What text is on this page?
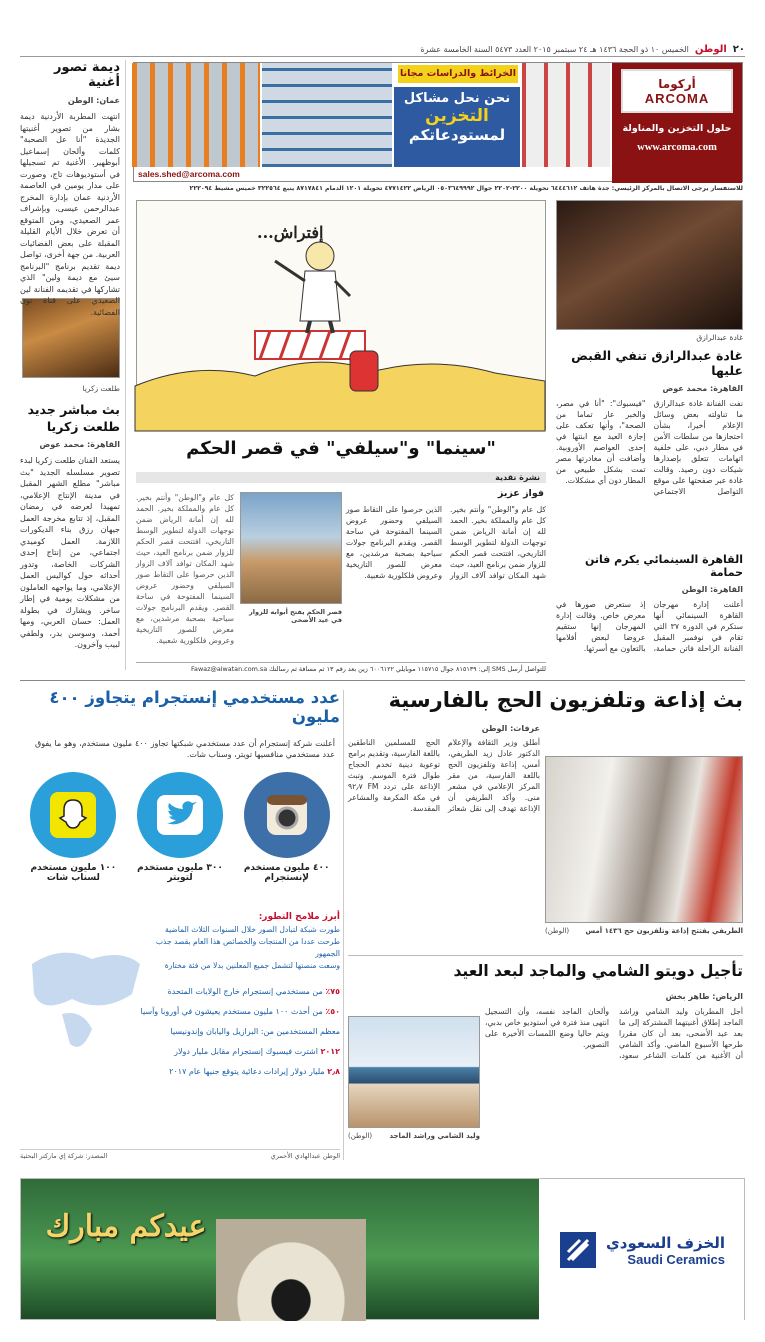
٢٠
الوطن
الخميس ١٠ ذو الحجة ١٤٣٦ هـ ٢٤ سبتمبر ٢٠١٥ العدد ٥٤٧٣ السنة الخامسة عشرة
أركوما
ARCOMA
حلول التخزين والمناولة
www.arcoma.com
الخرائط والدراسات مجانا
نحن نحل مشاكل
التخزين
لمستودعاتكم
sales.shed@arcoma.com
للاستفسار يرجى الاتصال بالمركز الرئيسي: جدة هاتف ٦٤٤٤٦١٢ تحويلة ٢٢٠٠-٢٢٠٢ جوال ٠٥٠٣٦٤٩٩٩٢ الرياض ٤٧٧١٤٢٢ تحويلة ١٢٠١ الدمام ٨٧١٧٨٤١ ينبع ٣٢٢٥٦٤ خميس مشيط ٢٢٢٠٩٤
ديمة تصور أغنية
عمان: الوطن
انتهت المطربة الأردنية ديمة بشار من تصوير أغنيتها الجديدة "أنا عل الصحبة" كلمات وألحان إسماعيل أبوظهير. الأغنية تم تسجيلها في أستوديوهات تاج، وصورت على مدار يومين في العاصمة الأردنية عمان بإدارة المخرج عبدالرحمن عيسى، وبإشراف عمر الصعيدي، ومن المتوقع أن تعرض خلال الأيام القليلة المقبلة على بعض الفضائيات العربية. من جهة أخرى، تواصل ديمة تقديم برنامج "البرنامج سيئ مع ديمة ولين" الذي تشاركها في تقديمه الفنانة لين الصعيدي على قناة نون الفضائية.
طلعت زكريا
بث مباشر جديد طلعت زكريا
القاهرة: محمد عوض
يستعد الفنان طلعت زكريا لبدء تصوير مسلسله الجديد "بث مباشر" مطلع الشهر المقبل في مدينة الإنتاج الإعلامي، تمهيدا لعرضه في رمضان المقبل، إذ تتابع مخرجة العمل جيهان رزق بناء الديكورات اللازمة. العمل كوميدي اجتماعي، من إنتاج إحدى الشركات الخاصة، وتدور أحداثه حول كواليس العمل الإعلامي، وما يواجهه العاملون من مشكلات يومية في إطار ساخر. ويشارك في بطولة العمل: حسان العربي، ومها أحمد، وسوسن بدر، ولطفي لبيب وآخرون.
إفتراش...
غادة عبدالرازق
غادة عبدالرازق تنفي القبض عليها
القاهرة: محمد عوض
نفت الفنانة غادة عبدالرازق ما تناولته بعض وسائل الإعلام أخيرا، بشأن احتجازها من سلطات الأمن في مطار دبي، على خلفية اتهامات تتعلق بإصدارها شيكات دون رصيد. وقالت غادة عبر صفحتها على موقع التواصل الاجتماعي "فيسبوك": "أنا في مصر، والخبر عار تماما من الصحة"، وأنها تعكف على إجازة العيد مع ابنتها في إحدى العواصم الأوروبية. وأضافت أن مغادرتها مصر تمت بشكل طبيعي من المطار دون أي مشكلات.
القاهرة السينمائي يكرم فاتن حمامة
القاهرة: الوطن
أعلنت إدارة مهرجان القاهرة السينمائي أنها ستكرم في الدورة ٣٧ التي تقام في نوفمبر المقبل الفنانة الراحلة فاتن حمامة، إذ ستعرض صورها في معرض خاص. وقالت إدارة المهرجان إنها ستقيم عروضا لبعض أفلامها بالتعاون مع أسرتها.
"سينما" و"سيلفي" في قصر الحكم
نشرة نقدية
فواز عزيز
كل عام و"الوطن" وأنتم بخير. كل عام والمملكة بخير. الحمد لله إن أمانة الرياض ضمن توجهات الدولة لتطوير الوسط التاريخي، افتتحت قصر الحكم للزوار ضمن برنامج العيد، حيث شهد المكان توافد آلاف الزوار الذين حرصوا على التقاط صور السيلفي وحضور عروض السينما المفتوحة في ساحة القصر. ويقدم البرنامج جولات سياحية بصحبة مرشدين، مع معرض للصور التاريخية وعروض فلكلورية شعبية.
قصر الحكم يفتح أبوابه للزوار في عيد الأضحى
كل عام و"الوطن" وأنتم بخير. كل عام والمملكة بخير. الحمد لله إن أمانة الرياض ضمن توجهات الدولة لتطوير الوسط التاريخي، افتتحت قصر الحكم للزوار ضمن برنامج العيد، حيث شهد المكان توافد آلاف الزوار الذين حرصوا على التقاط صور السيلفي وحضور عروض السينما المفتوحة في ساحة القصر. ويقدم البرنامج جولات سياحية بصحبة مرشدين، مع معرض للصور التاريخية وعروض فلكلورية شعبية.
للتواصل أرسل SMS إلى: ٨١٥١٣٩ جوال ١١٥٧١٥ موبايلي ٦٠٠٦١٢٢ زين بعد رقم ١٣ ثم مسافة ثم رسالتك Fawaz@alwatan.com.sa
بث إذاعة وتلفزيون الحج بالفارسية
عرفات: الوطن
أطلق وزير الثقافة والإعلام الدكتور عادل زيد الطريفي، أمس، إذاعة وتلفزيون الحج باللغة الفارسية، من مقر المركز الإعلامي في مشعر منى. وأكد الطريفي أن الإذاعة تهدف إلى نقل شعائر الحج للمسلمين الناطقين باللغة الفارسية، وتقديم برامج توعوية دينية تخدم الحجاج طوال فترة الموسم. وتبث الإذاعة على تردد FM ٩٢٫٧ في مكة المكرمة والمشاعر المقدسة.
الطريفي يفتتح إذاعة وتلفزيون حج ١٤٣٦ أمس
(الوطن)
عدد مستخدمي إنستجرام يتجاوز ٤٠٠ مليون
أعلنت شركة إنستجرام أن عدد مستخدمي شبكتها تجاوز ٤٠٠ مليون مستخدم، وهو ما يفوق عدد مستخدمي منافسيها تويتر، وسناب شات.
٤٠٠ مليون مستخدم
لإنستجرام
٣٠٠ مليون مستخدم
لتويتر
١٠٠ مليون مستخدم
لسناب شات
أبرز ملامح التطور:
طورت شبكة لتبادل الصور خلال السنوات الثلاث الماضية
طرحت عددا من المنتجات والخصائص هذا العام بقصد جذب الجمهور
وسعت منصتها لتشمل جميع المعلنين بدلا من فئة مختارة
٧٥٪ من مستخدمي إنستجرام خارج الولايات المتحدة
٥٠٪ من أحدث ١٠٠ مليون مستخدم يعيشون في أوروبا وآسيا
معظم المستخدمين من: البرازيل واليابان وإندونيسيا
٢٠١٢ اشترت فيسبوك إنستجرام مقابل مليار دولار
٢٫٨ مليار دولار إيرادات دعائية يتوقع جنيها عام ٢٠١٧
الوطن عبدالهادي الأحمري
المصدر: شركة إي ماركتر البحثية
تأجيل دويتو الشامي والماجد لبعد العيد
الرياض: طاهر بخش
أجل المطربان وليد الشامي وراشد الماجد إطلاق أغنيتهما المشتركة إلى ما بعد عيد الأضحى، بعد أن كان مقررا طرحها الأسبوع الماضي. وأكد الشامي أن الأغنية من كلمات الشاعر سعود، وألحان الماجد نفسه، وأن التسجيل انتهى منذ فترة في أستوديو خاص بدبي، ويتم حاليا وضع اللمسات الأخيرة على التصوير.
وليد الشامي وراشد الماجد
(الوطن)
الخزف السعودي
Saudi Ceramics
عيدكم مبارك
